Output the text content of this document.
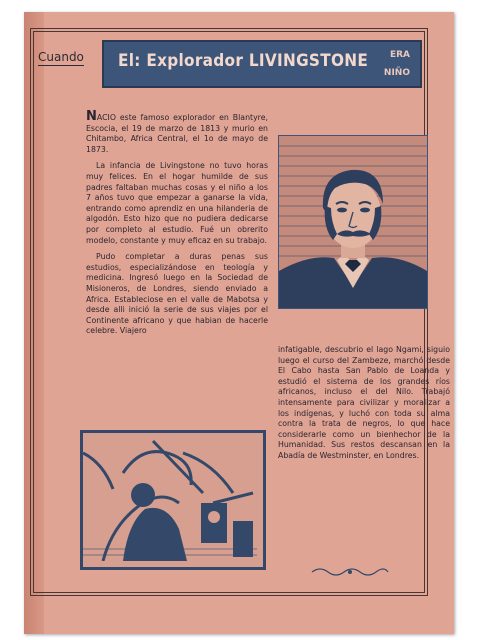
Cuando El: Explorador LIVINGSTONE ERA
NIÑO

NACIO este famoso explorador en Blantyre, Escocia, el 19 de marzo de 1813 y murio en Chitambo, Africa Central, el 1o de mayo de 1873.

La infancia de Livingstone no tuvo horas muy felices. En el hogar humilde de sus padres faltaban muchas cosas y el niño a los 7 años tuvo que empezar a ganarse la vida, entrando como aprendiz en una hilanderia de algodón. Esto hizo que no pudiera dedicarse por completo al estudio. Fué un obrerito modelo, constante y muy eficaz en su trabajo.

Pudo completar a duras penas sus estudios, especializándose en teología y medicina. Ingresó luego en la Sociedad de Misioneros, de Londres, siendo enviado a Africa. Estableciose en el valle de Mabotsa y desde alli inició la serie de sus viajes por el Continente africano y que habian de hacerle celebre. Viajero

infatigable, descubrio el lago Ngami, siguio luego el curso del Zambeze, marchó desde El Cabo hasta San Pablo de Loanda y estudió el sistema de los grandes ríos africanos, incluso el del Nilo. Trabajó intensamente para civilizar y moralizar a los indígenas, y luchó con toda su alma contra la trata de negros, lo que hace considerarle como un bienhechor de la Humanidad. Sus restos descansan en la Abadía de Westminster, en Londres.
